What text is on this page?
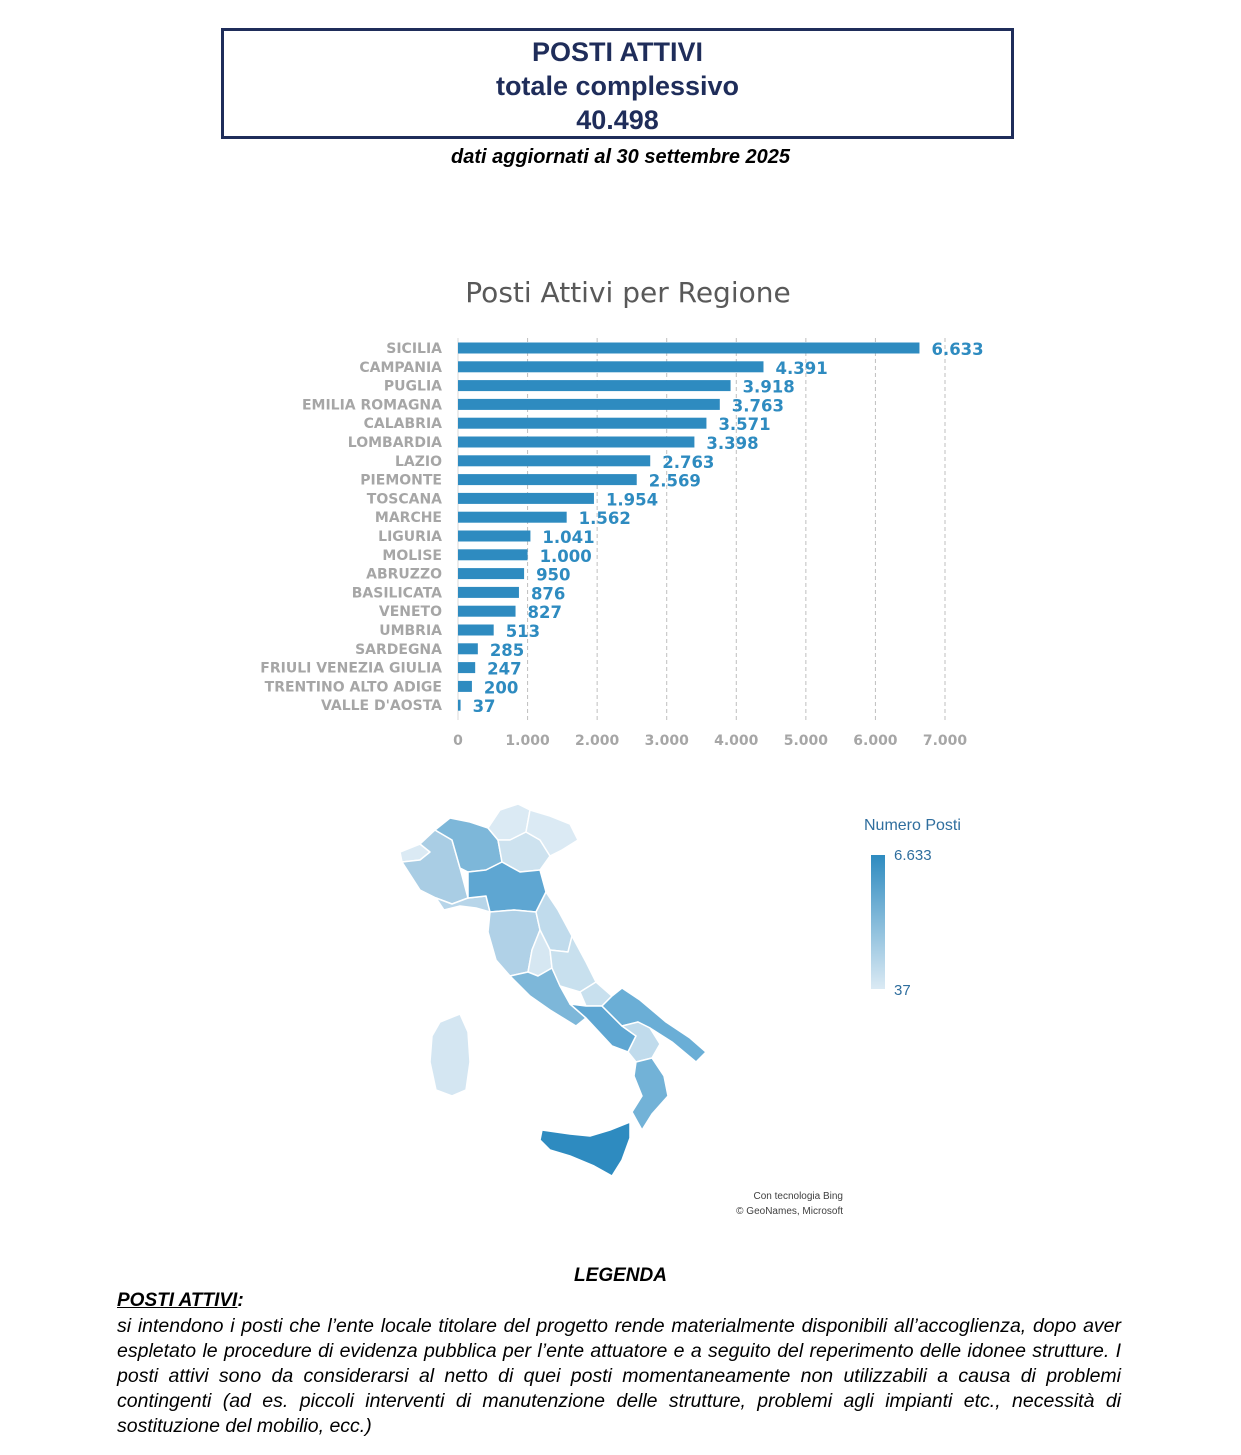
POSTI ATTIVI
totale complessivo
40.498
dati aggiornati al 30 settembre 2025
Posti Attivi per Regione
SICILIA	6.633
CAMPANIA	4.391
PUGLIA	3.918
EMILIA ROMAGNA	3.763
CALABRIA	3.571
LOMBARDIA	3.398
LAZIO	2.763
PIEMONTE	2.569
TOSCANA	1.954
MARCHE	1.562
LIGURIA	1.041
MOLISE	1.000
ABRUZZO	950
BASILICATA	876
VENETO	827
UMBRIA	513
SARDEGNA	285
FRIULI VENEZIA GIULIA	247
TRENTINO ALTO ADIGE	200
VALLE D'AOSTA 37
0	1.000 2.000 3.000 4.000 5.000 6.000 7.000
Numero Posti
6.633
37
Con tecnologia Bing
© GeoNames, Microsoft
LEGENDA
POSTI ATTIVI:
si intendono i posti che l’ente locale titolare del progetto rende materialmente disponibili all’accoglienza, dopo aver espletato le procedure di evidenza pubblica per l’ente attuatore e a seguito del reperimento delle idonee strutture. I posti attivi sono da considerarsi al netto di quei posti momentaneamente non utilizzabili a causa di problemi contingenti (ad es. piccoli interventi di manutenzione delle strutture, problemi agli impianti etc., necessità di sostituzione del mobilio, ecc.)
